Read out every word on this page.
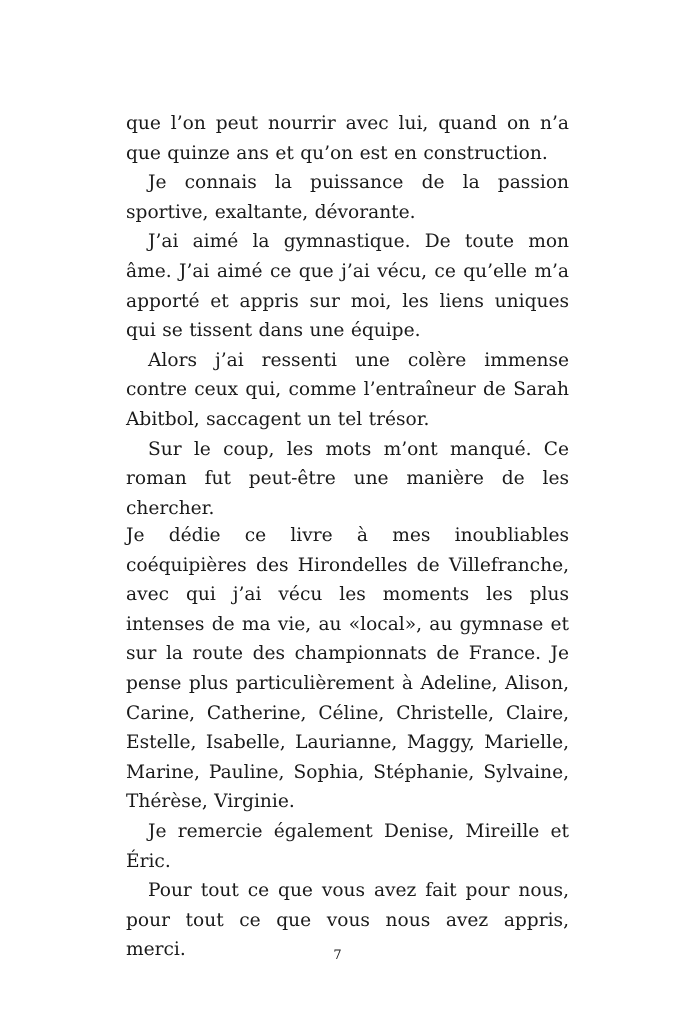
que l’on peut nourrir avec lui, quand on n’a que quinze ans et qu’on est en construction.

Je connais la puissance de la passion sportive, exaltante, dévorante.

J’ai aimé la gymnastique. De toute mon âme. J’ai aimé ce que j’ai vécu, ce qu’elle m’a apporté et appris sur moi, les liens uniques qui se tissent dans une équipe.

Alors j’ai ressenti une colère immense contre ceux qui, comme l’entraîneur de Sarah Abitbol, saccagent un tel trésor.

Sur le coup, les mots m’ont manqué. Ce roman fut peut-être une manière de les chercher.

Je dédie ce livre à mes inoubliables coéquipières des Hirondelles de Villefranche, avec qui j’ai vécu les moments les plus intenses de ma vie, au «local», au gymnase et sur la route des championnats de France. Je pense plus particulièrement à Adeline, Alison, Carine, Catherine, Céline, Christelle, Claire, Estelle, Isabelle, Laurianne, Maggy, Marielle, Marine, Pauline, Sophia, Stéphanie, Sylvaine, Thérèse, Virginie.

Je remercie également Denise, Mireille et Éric.

Pour tout ce que vous avez fait pour nous, pour tout ce que vous nous avez appris, merci.	7
